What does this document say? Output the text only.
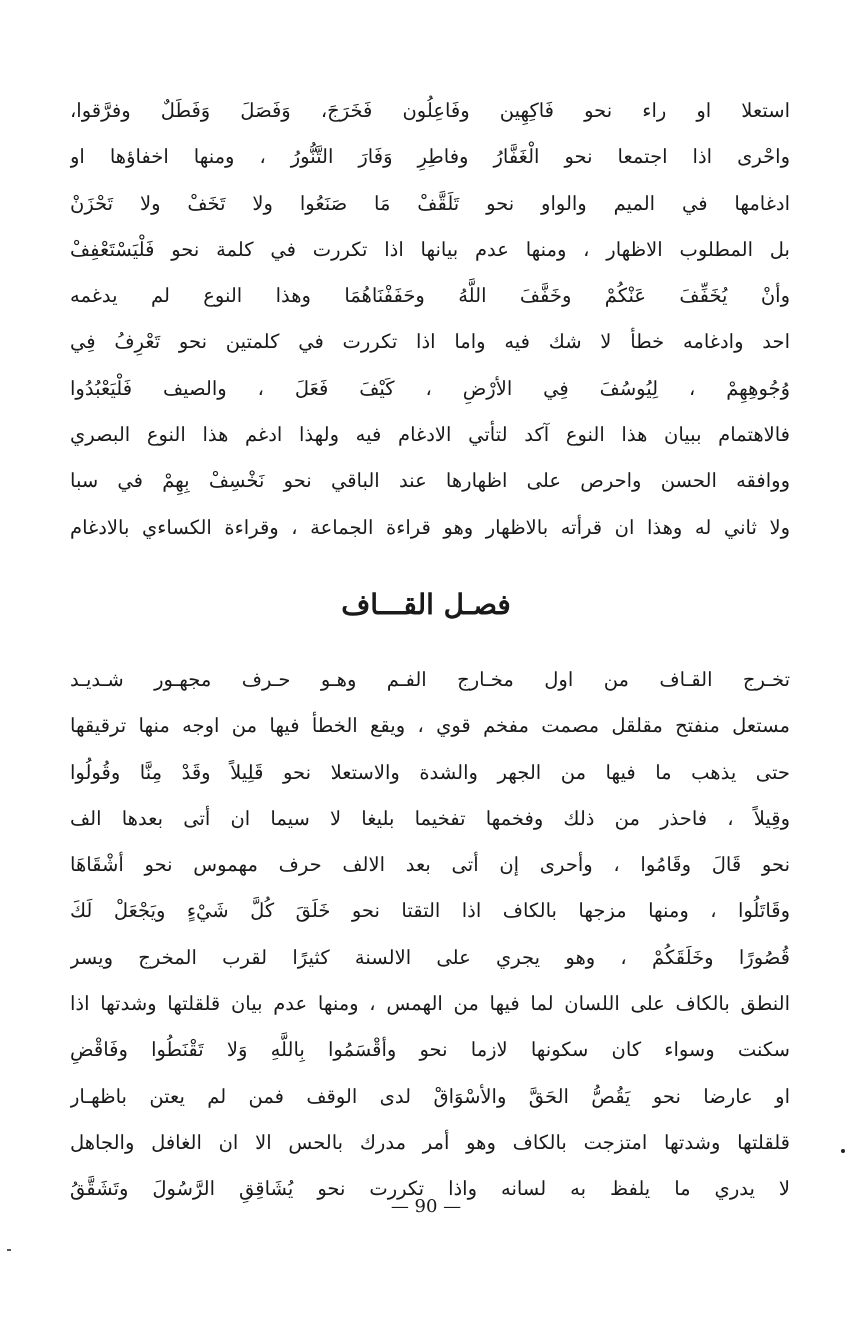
استعلا او راء نحو فَاكِهِين وفَاعِلُون فَخَرَجَ، وَفَصَلَ وَفَطَلٌ وفرَّقوا،
واحْرى اذا اجتمعا نحو الْغَفَّارُ وفاطِرِ وَفَارَ التَّنُّورُ ، ومنها اخفاؤها او
ادغامها في الميم والواو نحو تَلَقَّفْ مَا صَنَعُوا ولا تَخَفْ ولا تَحْزَنْ
بل المطلوب الاظهار ، ومنها عدم بيانها اذا تكررت في كلمة نحو فَلْيَسْتَعْفِفْ
وأنْ يُخَفِّفَ عَنْكُمْ وخَفَّفَ اللَّهُ وحَفَفْنَاهُمَا وهذا النوع لم يدغمه
احد وادغامه خطأ لا شك فيه واما اذا تكررت في كلمتين نحو تَعْرِفُ فِي
وُجُوهِهِمْ ، لِيُوسُفَ فِي الأرْضِ ، كَيْفَ فَعَلَ ، والصيف فَلْيَعْبُدُوا
فالاهتمام ببيان هذا النوع آكد لتأتي الادغام فيه ولهذا ادغم هذا النوع البصري
ووافقه الحسن واحرص على اظهارها عند الباقي نحو نَخْسِفْ بِهِمْ في سبا
ولا ثاني له وهذا ان قرأته بالاظهار وهو قراءة الجماعة ، وقراءة الكساءي بالادغام
فصـل القـــاف
تخـرج القـاف من اول مخـارج الفـم وهـو حـرف مجهـور شـديـد
مستعل منفتح مقلقل مصمت مفخم قوي ، ويقع الخطأ فيها من اوجه منها ترقيقها
حتى يذهب ما فيها من الجهر والشدة والاستعلا نحو قَلِيلاً وقَدْ مِنَّا وقُولُوا
وقِيلاً ، فاحذر من ذلك وفخمها تفخيما بليغا لا سيما ان أتى بعدها الف
نحو قَالَ وقَامُوا ، وأحرى إن أتى بعد الالف حرف مهموس نحو أشْقَاهَا
وقَاتَلُوا ، ومنها مزجها بالكاف اذا التقتا نحو خَلَقَ كُلَّ شَيْءٍ ويَجْعَلْ لَكَ
قُصُورًا وخَلَقَكُمْ ، وهو يجري على الالسنة كثيرًا لقرب المخرج ويسر
النطق بالكاف على اللسان لما فيها من الهمس ، ومنها عدم بيان قلقلتها وشدتها اذا
سكنت وسواء كان سكونها لازما نحو وأقْسَمُوا بِاللَّهِ وَلا تَقْنَطُوا وفَاقْضِ
او عارضا نحو يَقُصُّ الحَقَّ والأسْوَاقْ لدى الوقف فمن لم يعتن باظهـار
قلقلتها وشدتها امتزجت بالكاف وهو أمر مدرك بالحس الا ان الغافل والجاهل
لا يدري ما يلفظ به لسانه واذا تكررت نحو يُشَاقِقِ الرَّسُولَ وتَشَقَّقُ
— 90 —
